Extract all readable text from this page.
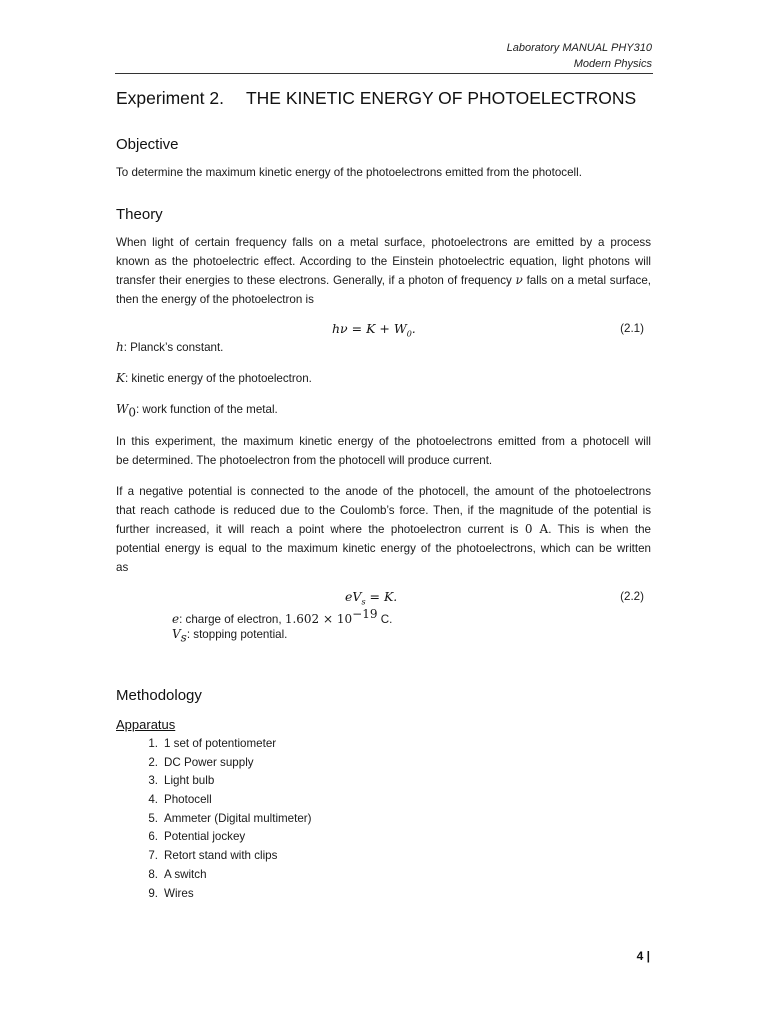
Laboratory MANUAL PHY310
Modern Physics
Experiment 2. THE KINETIC ENERGY OF PHOTOELECTRONS
Objective
To determine the maximum kinetic energy of the photoelectrons emitted from the photocell.
Theory
When light of certain frequency falls on a metal surface, photoelectrons are emitted by a process
known as the photoelectric effect. According to the Einstein photoelectric equation, light photons will
transfer their energies to these electrons. Generally, if a photon of frequency ν falls on a metal surface,
then the energy of the photoelectron is
$h\nu = K + W_0$.	(2.1)
h: Planck’s constant.
K: kinetic energy of the photoelectron.
$W_0$: work function of the metal.
In this experiment, the maximum kinetic energy of the photoelectrons emitted from a photocell will
be determined. The photoelectron from the photocell will produce current.
If a negative potential is connected to the anode of the photocell, the amount of the photoelectrons
that reach cathode is reduced due to the Coulomb’s force. Then, if the magnitude of the potential is
further increased, it will reach a point where the photoelectron current is 0 A. This is when the
potential energy is equal to the maximum kinetic energy of the photoelectrons, which can be written
as
$eV_s = K$.	(2.2)
e: charge of electron, $1.602 \times 10^{-19}$ C.
$V_s$: stopping potential.
Methodology
Apparatus
1. 1 set of potentiometer
2. DC Power supply
3. Light bulb
4. Photocell
5. Ammeter (Digital multimeter)
6. Potential jockey
7. Retort stand with clips
8. A switch
9. Wires
4 |
